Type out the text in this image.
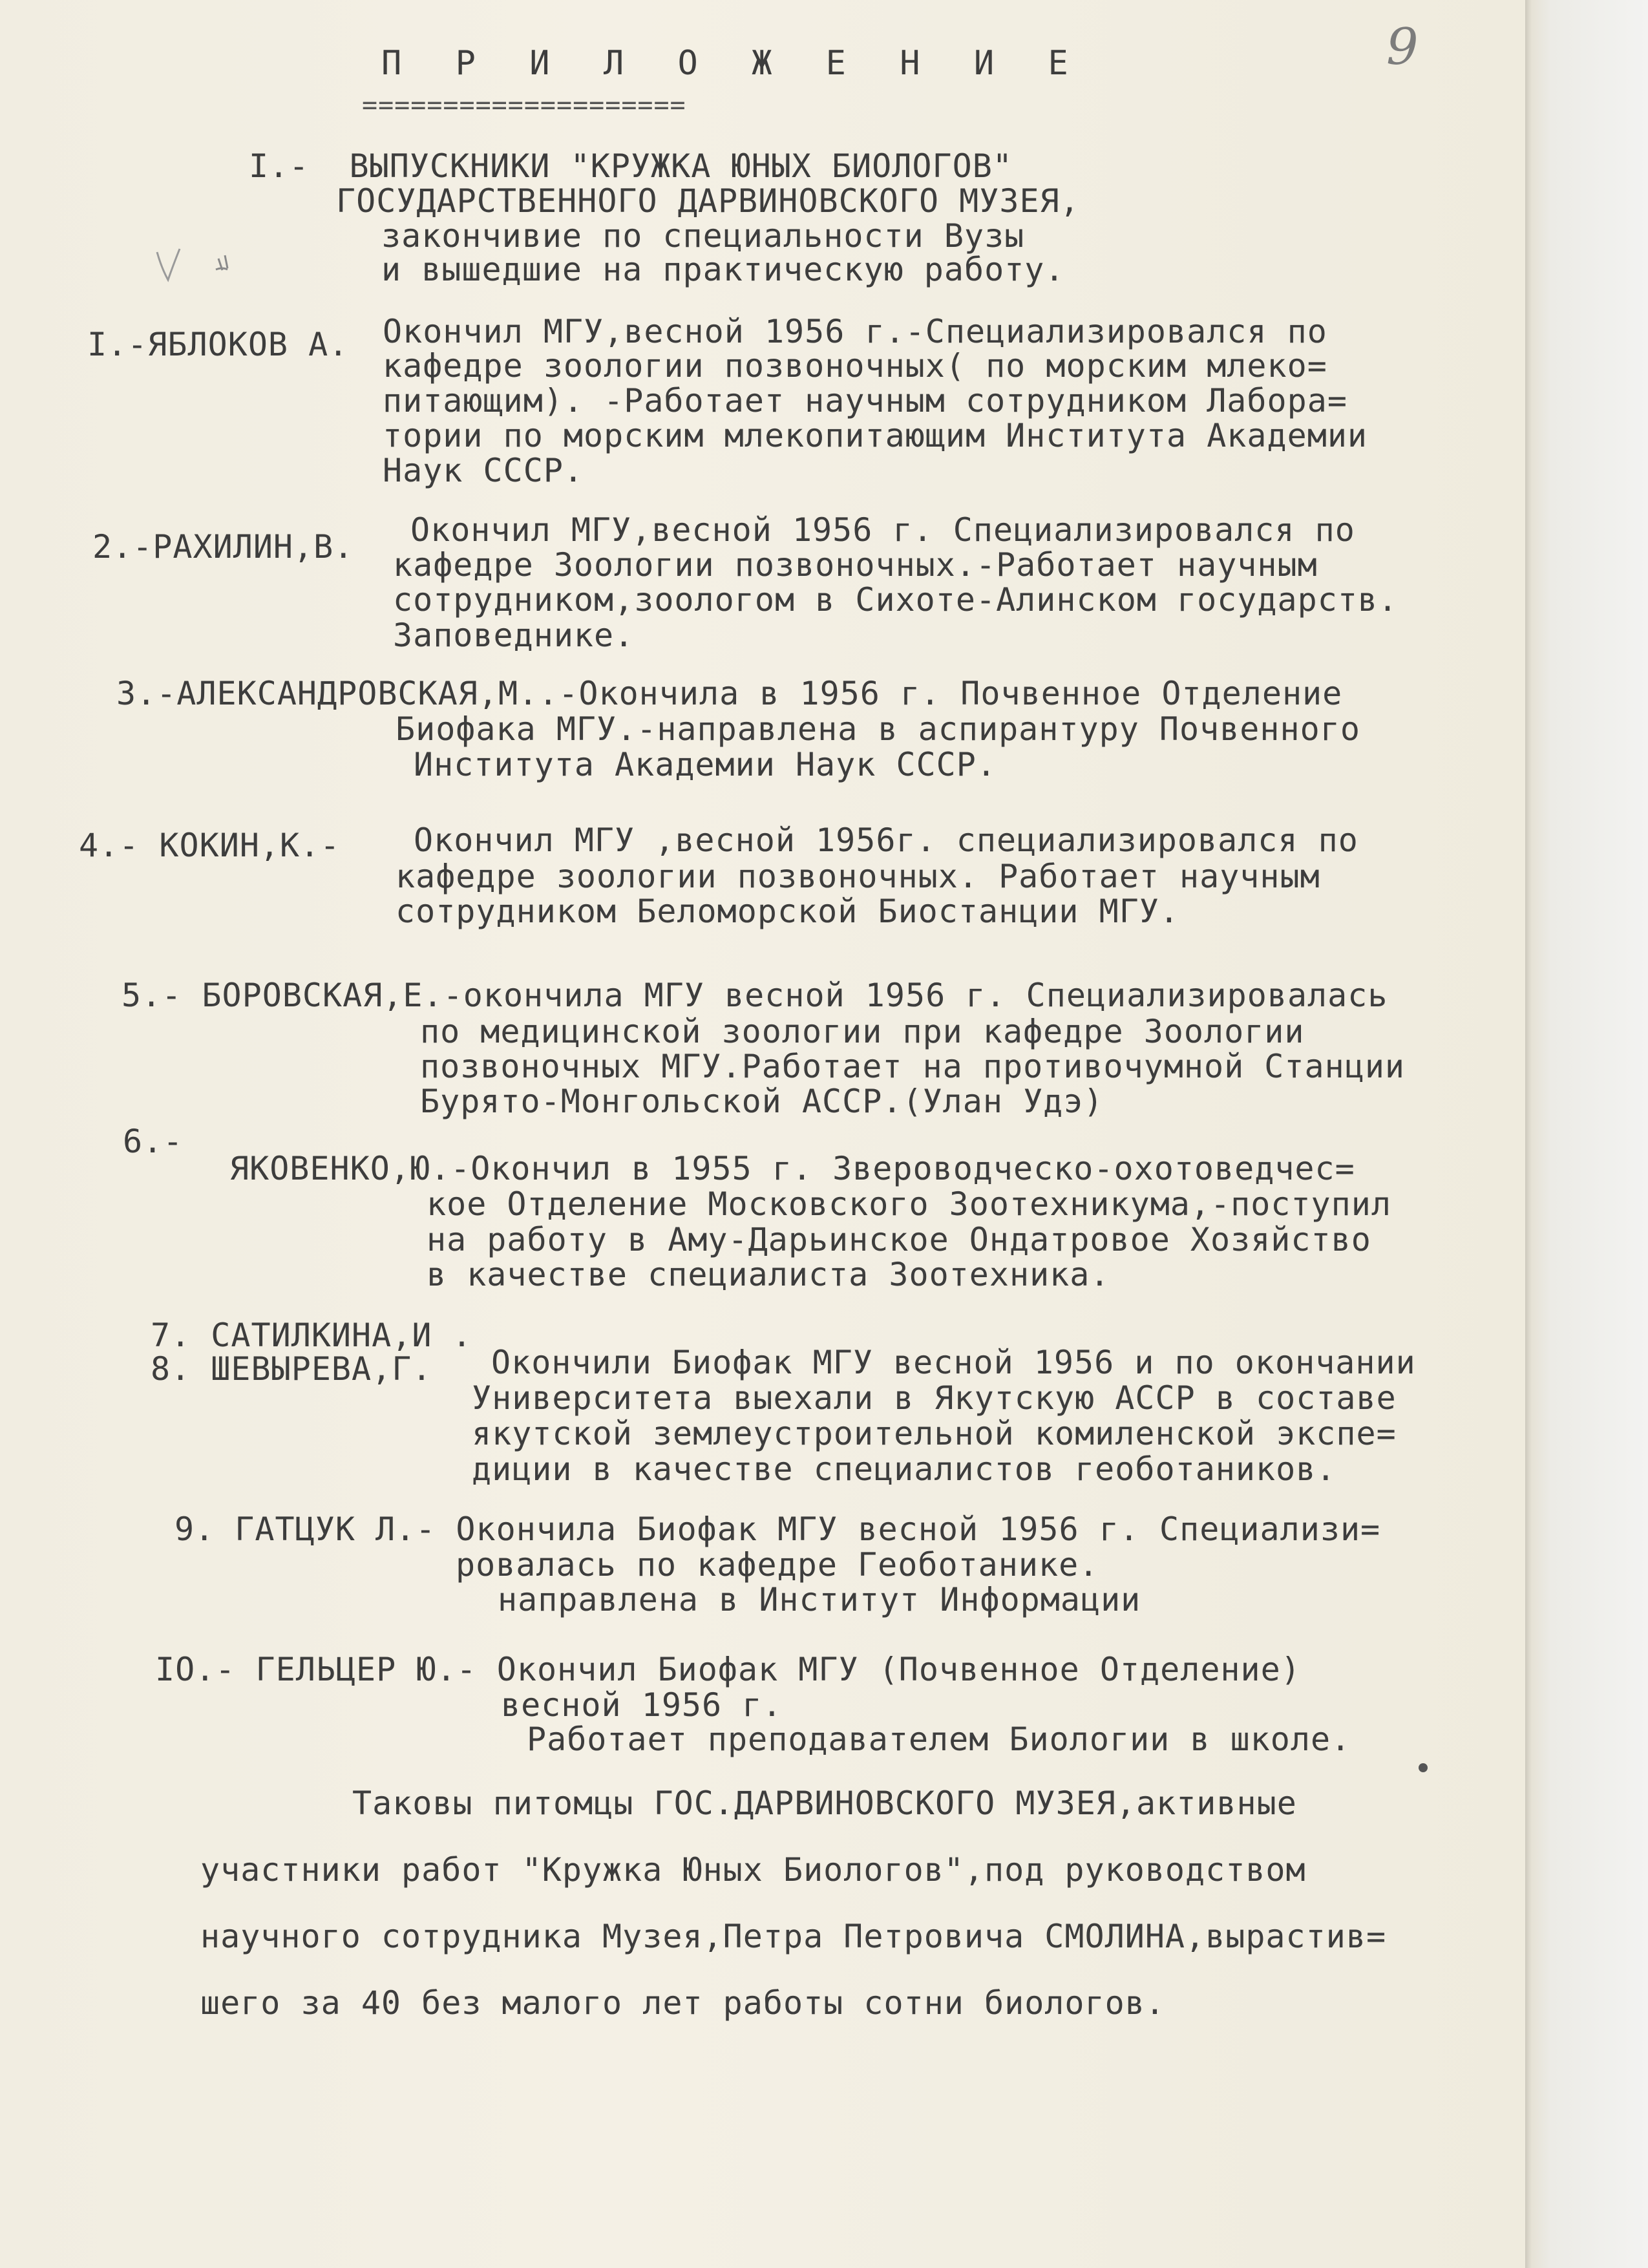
9
П Р И Л О Ж Е Н И Е
====================
I.-  ВЫПУСКНИКИ "КРУЖКА ЮНЫХ БИОЛОГОВ"
ГОСУДАРСТВЕННОГО ДАРВИНОВСКОГО МУЗЕЯ,
закончивие по специальности Вузы
и вышедшие на практическую работу.
I.-ЯБЛОКОВ А. Окончил МГУ,весной 1956 г.-Специализировался по
кафедре зоологии позвоночных( по морским млеко=
питающим). -Работает научным сотрудником Лабора=
тории по морским млекопитающим Института Академии
Наук СССР.
2.-РАХИЛИН,В. Окончил МГУ,весной 1956 г. Специализировался по
кафедре Зоологии позвоночных.-Работает научным
сотрудником,зоологом в Сихоте-Алинском государств.
Заповеднике.
3.-АЛЕКСАНДРОВСКАЯ,М..-Окончила в 1956 г. Почвенное Отделение
Биофака МГУ.-направлена в аспирантуру Почвенного
Института Академии Наук СССР.
4.- КОКИН,К.- Окончил МГУ ,весной 1956г. специализировался по
кафедре зоологии позвоночных. Работает научным
сотрудником Беломорской Биостанции МГУ.
5.- БОРОВСКАЯ,Е.-окончила МГУ весной 1956 г. Специализировалась
по медицинской зоологии при кафедре Зоологии
позвоночных МГУ.Работает на противочумной Станции
Бурято-Монгольской АССР.(Улан Удэ)
6.-
ЯКОВЕНКО,Ю.-Окончил в 1955 г. Звероводческо-охотоведчес=
кое Отделение Московского Зоотехникума,-поступил
на работу в Аму-Дарьинское Ондатровое Хозяйство
в качестве специалиста Зоотехника.
7. САТИЛКИНА,И .
8. ШЕВЫРЕВА,Г. Окончили Биофак МГУ весной 1956 и по окончании
Университета выехали в Якутскую АССР в составе
якутской землеустроительной комиленской экспе=
диции в качестве специалистов геоботаников.
9. ГАТЦУК Л.- Окончила Биофак МГУ весной 1956 г. Специализи=
ровалась по кафедре Геоботанике.
направлена в Институт Информации
IO.- ГЕЛЬЦЕР Ю.- Окончил Биофак МГУ (Почвенное Отделение)
весной 1956 г.
Работает преподавателем Биологии в школе.
Таковы питомцы ГОС.ДАРВИНОВСКОГО МУЗЕЯ,активные
участники работ "Кружка Юных Биологов",под руководством
научного сотрудника Музея,Петра Петровича СМОЛИНА,вырастив=
шего за 40 без малого лет работы сотни биологов.
